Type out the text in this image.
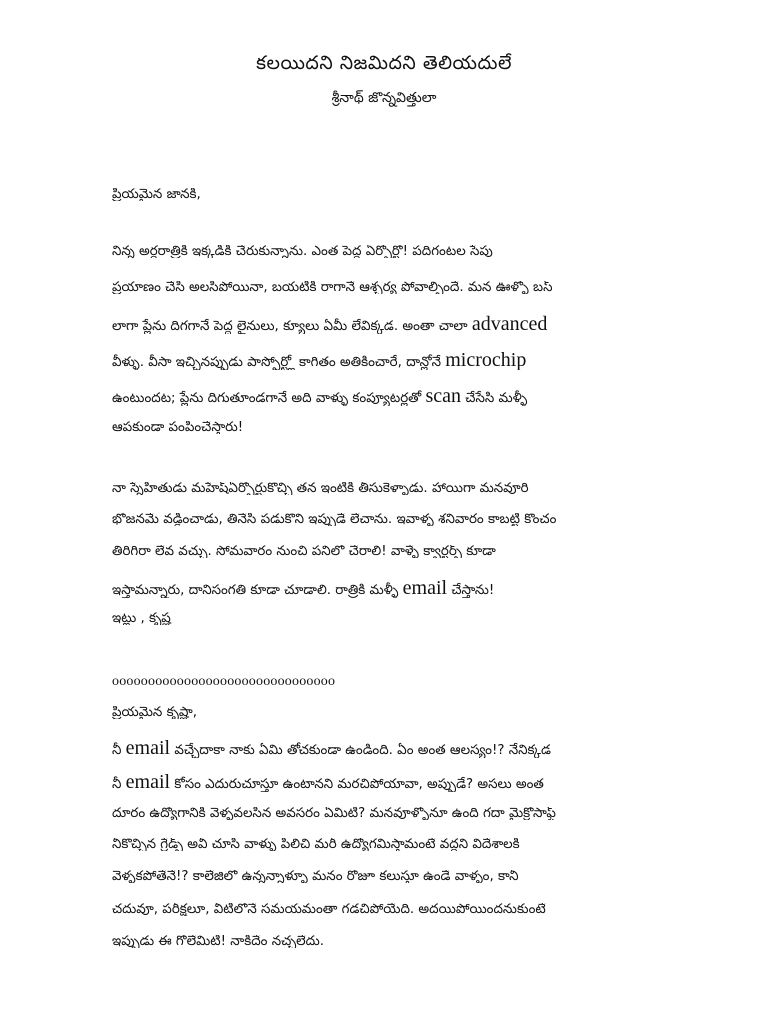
కలయిదని నిజమిదని తెలియదులే
శ్రీనాథ్ జొన్నవిత్తులా
ప్రియమైన జానకి,
నిన్న అర్ధరాత్రికి ఇక్కడికి చేరుకున్నాను. ఎంత పెద్ద ఏర్పోర్టో! పదిగంటల సేపు
ప్రయాణం చేసి అలసిపోయినా, బయటికి రాగానే ఆశ్చర్య పోవాల్సిందే. మన ఊళ్ళో బస్
లాగా ప్లేను దిగగానే పెద్ద లైనులు, క్యూలు ఏమీ లేవిక్కడ. అంతా చాలా advanced
వీళ్ళు. వీసా ఇచ్చినప్పుడు పాస్పోర్ట్లో కాగితం అతికించారే, దాన్లోనే microchip
ఉంటుందట; ప్లేను దిగుతూండగానే అది వాళ్ళు కంప్యూటర్లతో scan చేసేసి మళ్ళీ
ఆపకుండా పంపించేస్తారు!
నా స్నేహితుడు మహేష్ఏర్పోర్టుకొచ్చి తన ఇంటికి తీసుకెళ్ళాడు. హాయిగా మనవూరి
భోజనమే వడ్డించాడు, తినేసి పడుకొని ఇప్పుడే లేచాను. ఇవాళ్ళ శనివారం కాబట్టి కొంచం
తిరిగిరా లేవ వచ్చు. సోమవారం నుంచి పనిలో చేరాలి! వాళ్ళే క్వార్టర్స్ కూడా
ఇస్తామన్నారు, దానిసంగతి కూడా చూడాలి. రాత్రికి మళ్ళీ email చేస్తాను!
ఇట్లు , కృష్ణ
ooooooooooooooooooooooooooooooo
ప్రియమైన కృష్ణా,
నీ email వచ్చేదాకా నాకు ఏమి తోచకుండా ఉండింది. ఏం అంత ఆలస్యం!? నేనిక్కడ
నీ email కోసం ఎదురుచూస్తూ ఉంటానని మరచిపోయావా, అప్పుడే? అసలు అంత
దూరం ఉద్యోగానికి వెళ్ళవలసిన అవసరం ఏమిటి? మనవూళ్ళోనూ ఉంది గదా మైక్రోసాఫ్ట్
నీకొచ్చిన గ్రేడ్స్ అవీ చూసి వాళ్ళు పిలిచి మరీ ఉద్యోగమిస్తామంటే వద్దని విదేశాలకి
వెళ్ళకపోతేనే!? కాలేజిలో ఉన్నన్నాళ్ళూ మనం రోజూ కలుస్తూ ఉండే వాళ్ళం, కానీ
చదువూ, పరీక్షలూ, వీటిలోనే సమయమంతా గడచిపోయేది. అదయిపోయిందనుకుంటే
ఇప్పుడు ఈ గోలేమిటి! నాకిదేం నచ్చలేదు.
